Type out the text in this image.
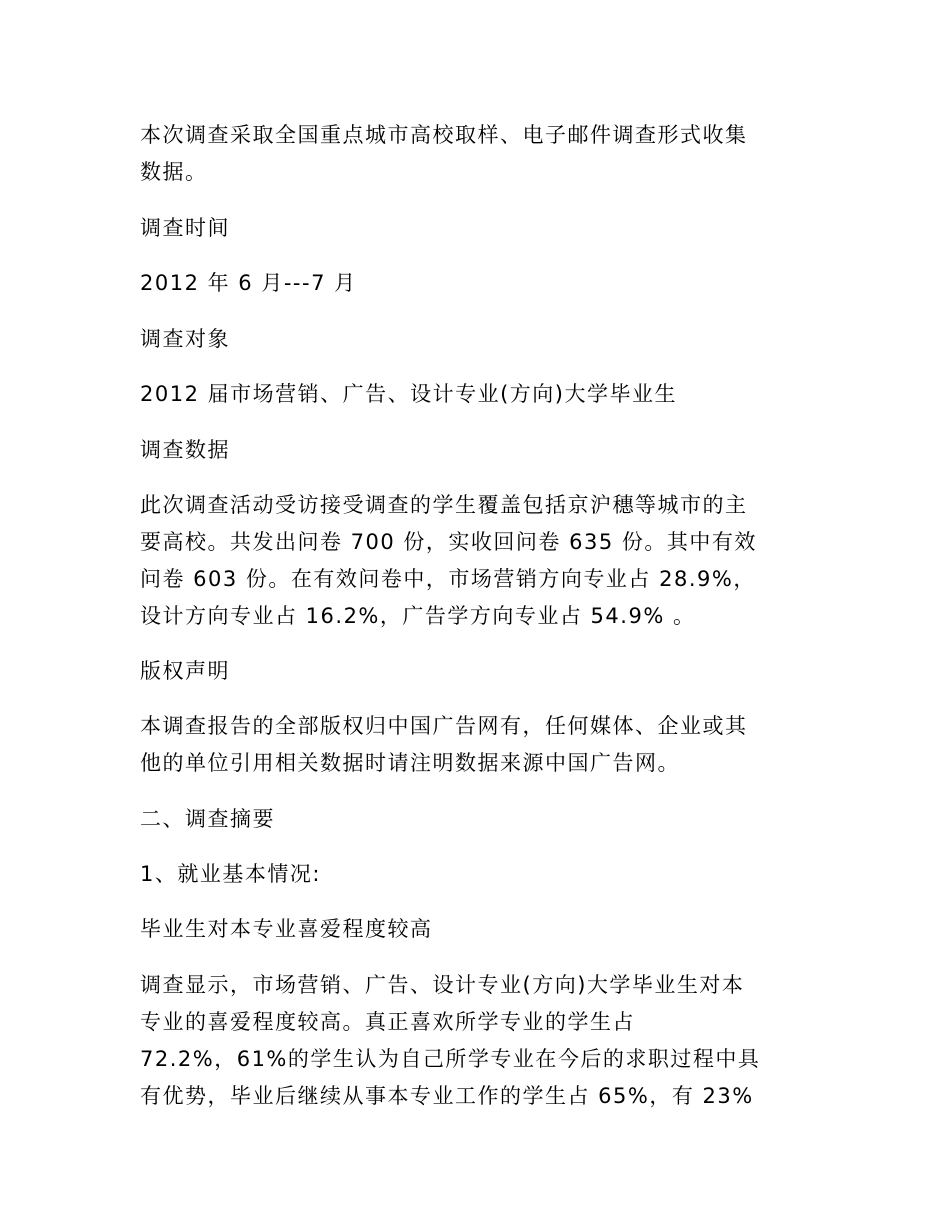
本次调查采取全国重点城市高校取样、电子邮件调查形式收集
数据。
调查时间
2012 年 6 月---7 月
调查对象
2012 届市场营销、广告、设计专业(方向)大学毕业生
调查数据
此次调查活动受访接受调查的学生覆盖包括京沪穗等城市的主
要高校。共发出问卷 700 份，实收回问卷 635 份。其中有效
问卷 603 份。在有效问卷中，市场营销方向专业占 28.9%，
设计方向专业占 16.2%，广告学方向专业占 54.9% 。
版权声明
本调查报告的全部版权归中国广告网有，任何媒体、企业或其
他的单位引用相关数据时请注明数据来源中国广告网。
二、调查摘要
1、就业基本情况:
毕业生对本专业喜爱程度较高
调查显示，市场营销、广告、设计专业(方向)大学毕业生对本
专业的喜爱程度较高。真正喜欢所学专业的学生占
72.2%，61%的学生认为自己所学专业在今后的求职过程中具
有优势，毕业后继续从事本专业工作的学生占 65%，有 23%
